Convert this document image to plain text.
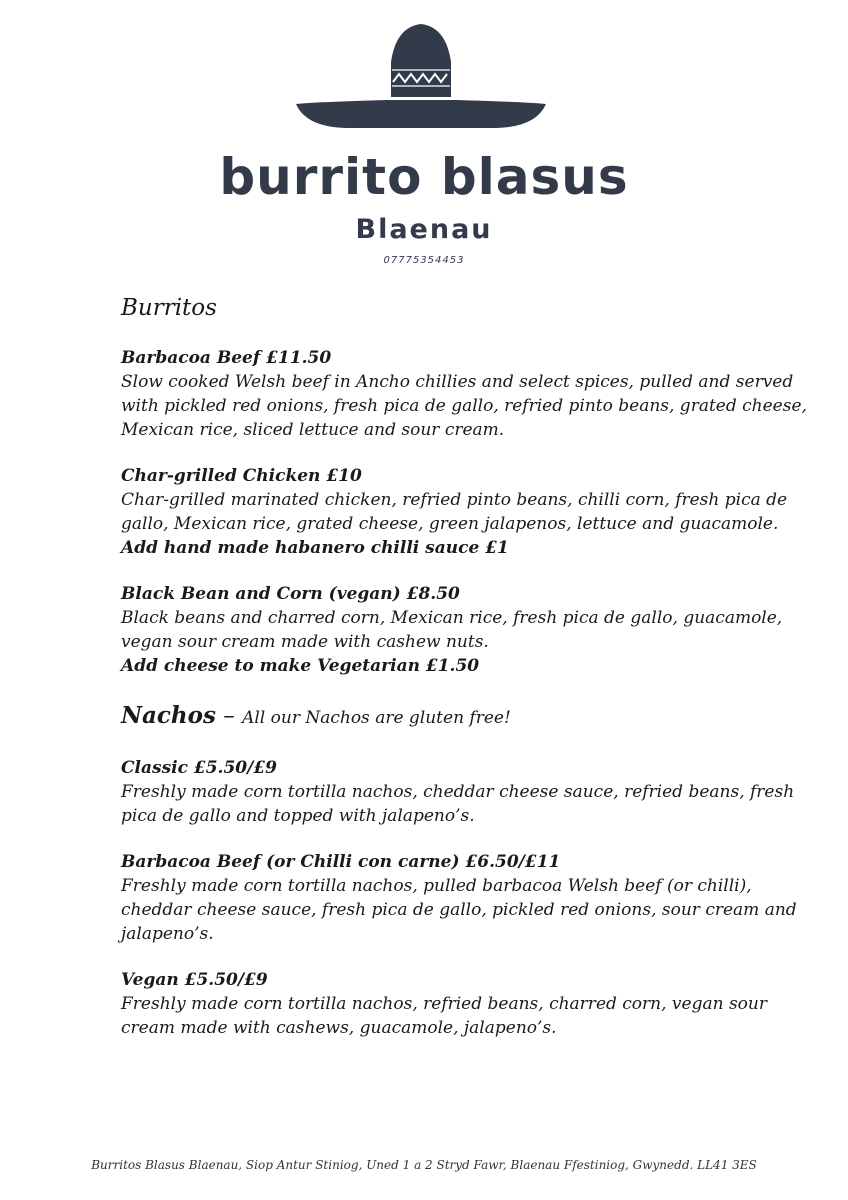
burrito blasus
Blaenau
07775354453
Burritos
Barbacoa Beef £11.50
Slow cooked Welsh beef in Ancho chillies and select spices, pulled and served with pickled red onions, fresh pica de gallo, refried pinto beans, grated cheese, Mexican rice, sliced lettuce and sour cream.
Char-grilled Chicken £10
Char-grilled marinated chicken, refried pinto beans, chilli corn, fresh pica de gallo, Mexican rice, grated cheese, green jalapenos, lettuce and guacamole.
Add hand made habanero chilli sauce £1
Black Bean and Corn (vegan) £8.50
Black beans and charred corn, Mexican rice, fresh pica de gallo, guacamole, vegan sour cream made with cashew nuts.
Add cheese to make Vegetarian £1.50
Nachos – All our Nachos are gluten free!
Classic £5.50/£9
Freshly made corn tortilla nachos, cheddar cheese sauce, refried beans, fresh pica de gallo and topped with jalapeno’s.
Barbacoa Beef (or Chilli con carne) £6.50/£11
Freshly made corn tortilla nachos, pulled barbacoa Welsh beef (or chilli), cheddar cheese sauce, fresh pica de gallo, pickled red onions, sour cream and jalapeno’s.
Vegan £5.50/£9
Freshly made corn tortilla nachos, refried beans, charred corn, vegan sour cream made with cashews, guacamole, jalapeno’s.
Burritos Blasus Blaenau, Siop Antur Stiniog, Uned 1 a 2 Stryd Fawr, Blaenau Ffestiniog, Gwynedd. LL41 3ES
